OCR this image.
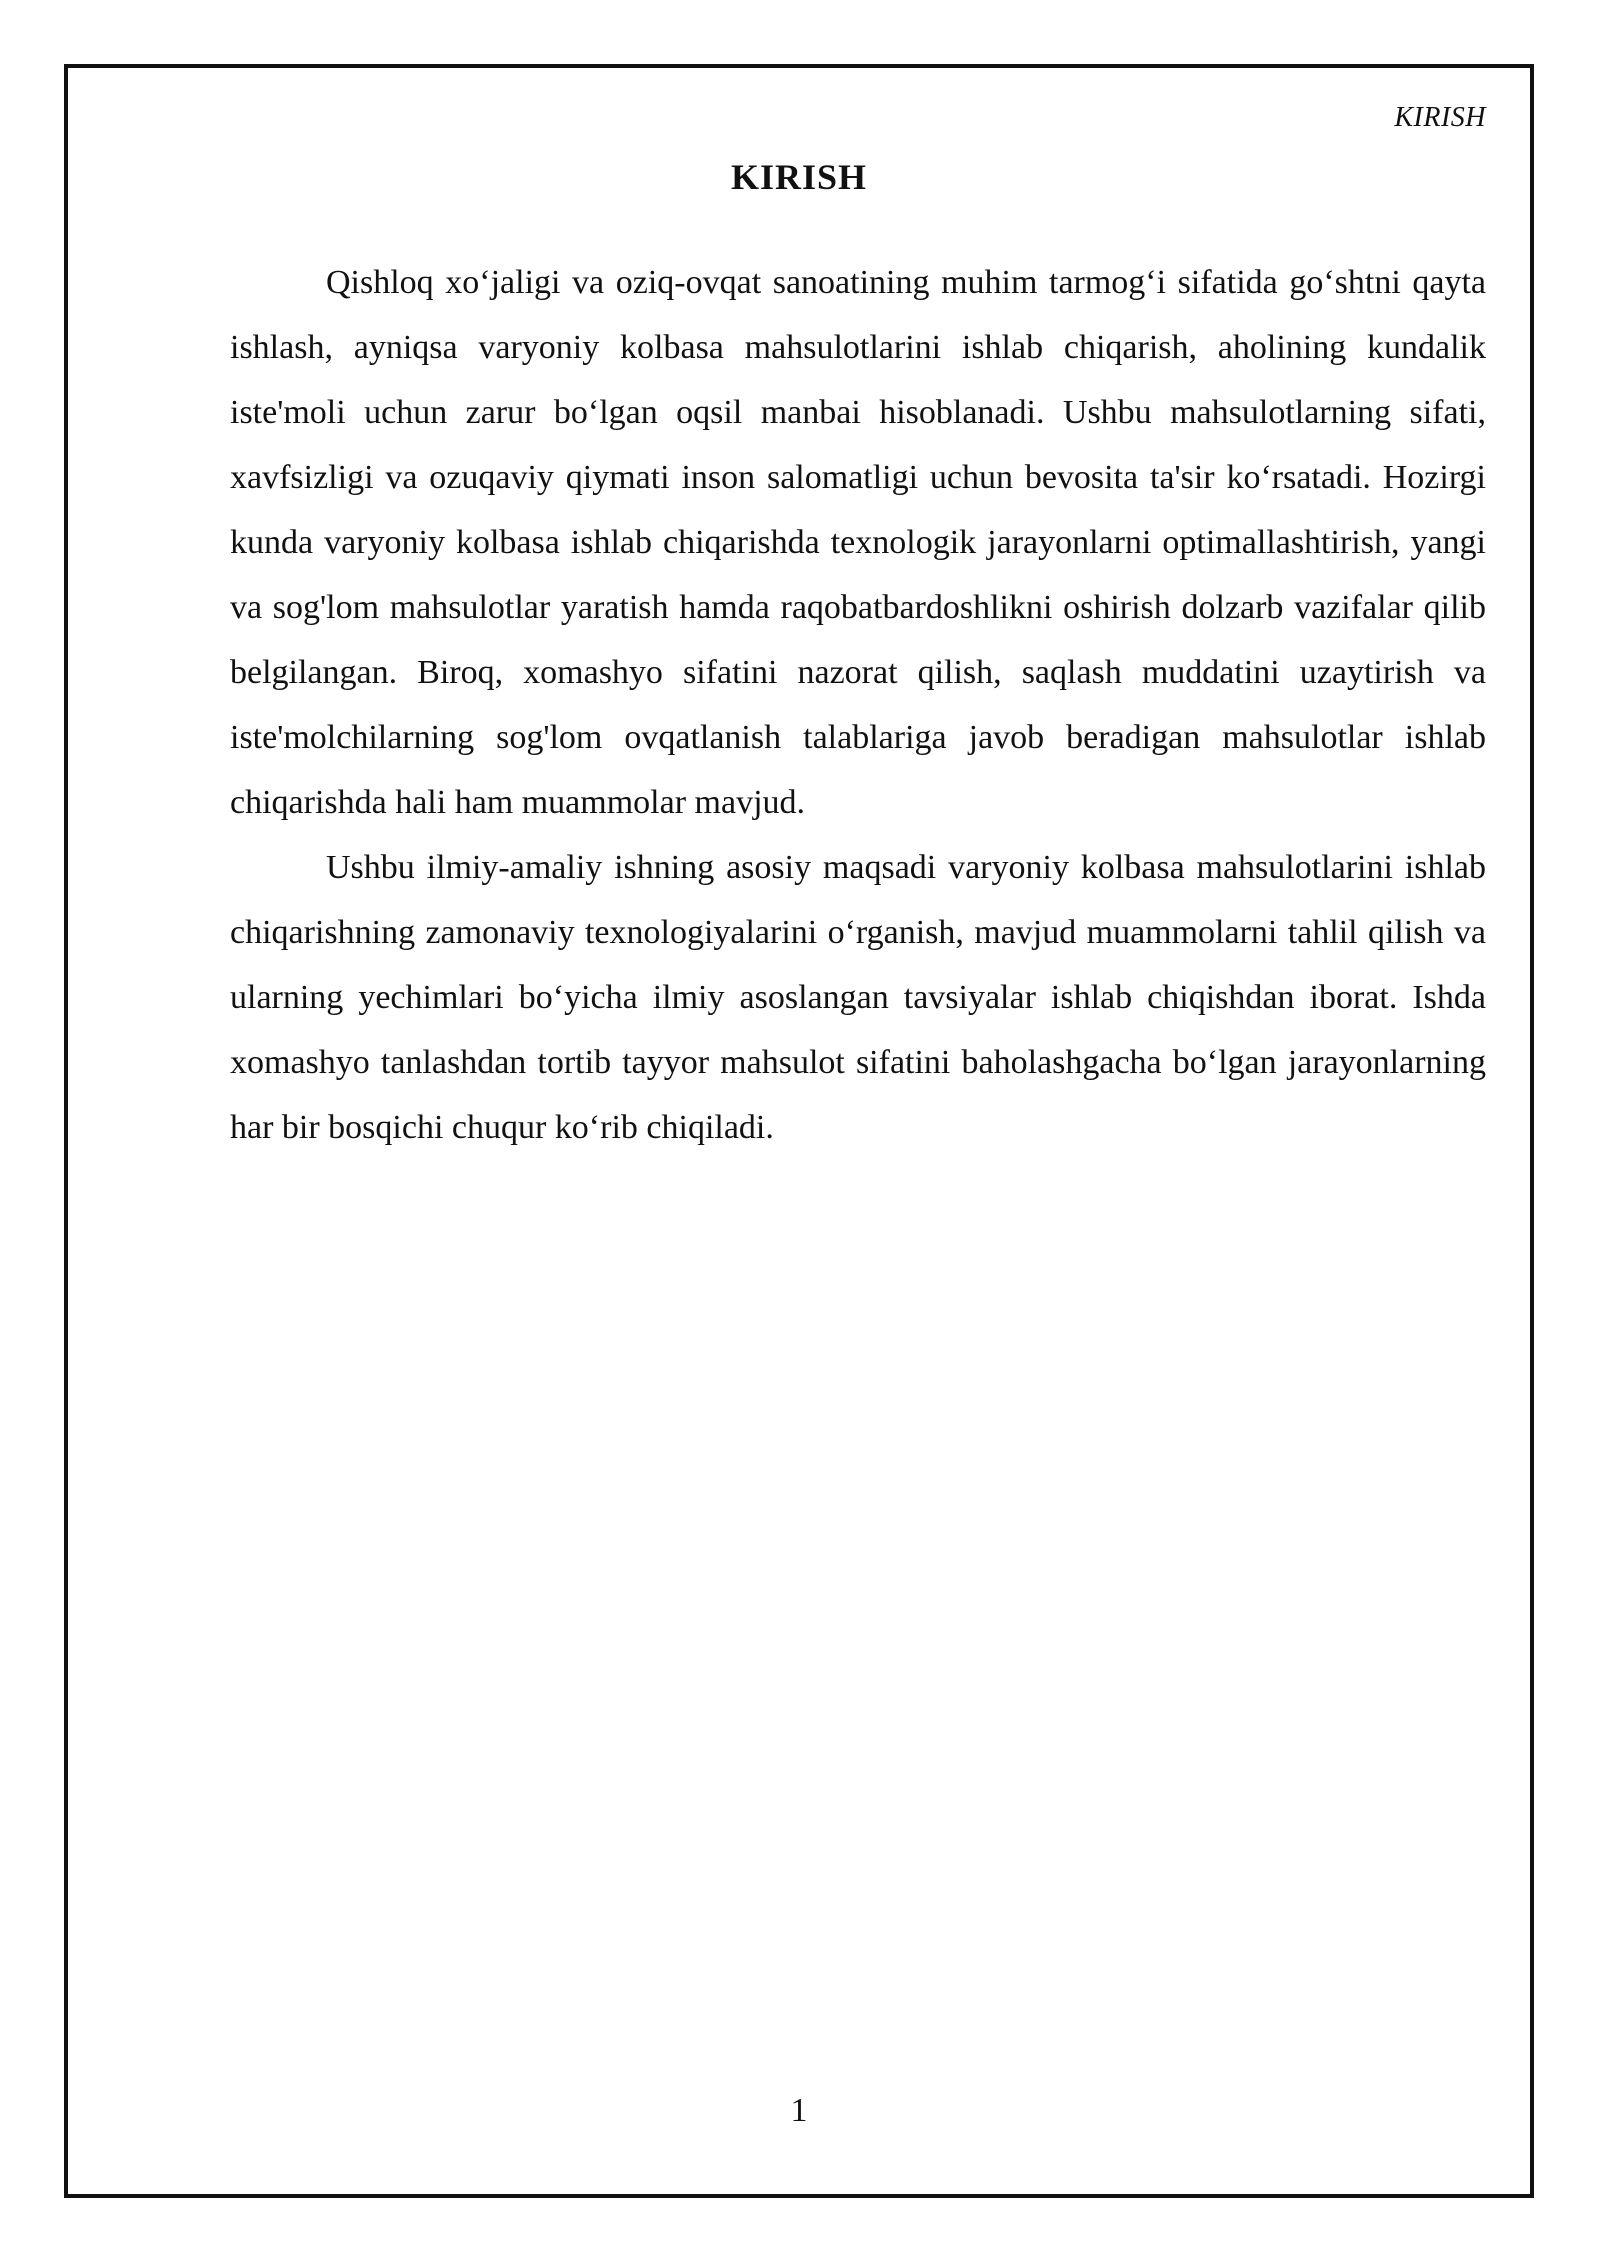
KIRISH
KIRISH

Qishloq xo‘jaligi va oziq-ovqat sanoatining muhim tarmog‘i sifatida go‘shtni qayta ishlash, ayniqsa varyoniy kolbasa mahsulotlarini ishlab chiqarish, aholining kundalik iste'moli uchun zarur bo‘lgan oqsil manbai hisoblanadi. Ushbu mahsulotlarning sifati, xavfsizligi va ozuqaviy qiymati inson salomatligi uchun bevosita ta'sir ko‘rsatadi. Hozirgi kunda varyoniy kolbasa ishlab chiqarishda texnologik jarayonlarni optimallashtirish, yangi va sog'lom mahsulotlar yaratish hamda raqobatbardoshlikni oshirish dolzarb vazifalar qilib belgilangan. Biroq, xomashyo sifatini nazorat qilish, saqlash muddatini uzaytirish va iste'molchilarning sog'lom ovqatlanish talablariga javob beradigan mahsulotlar ishlab chiqarishda hali ham muammolar mavjud.

Ushbu ilmiy-amaliy ishning asosiy maqsadi varyoniy kolbasa mahsulotlarini ishlab chiqarishning zamonaviy texnologiyalarini o‘rganish, mavjud muammolarni tahlil qilish va ularning yechimlari bo‘yicha ilmiy asoslangan tavsiyalar ishlab chiqishdan iborat. Ishda xomashyo tanlashdan tortib tayyor mahsulot sifatini baholashgacha bo‘lgan jarayonlarning har bir bosqichi chuqur ko‘rib chiqiladi.

1
